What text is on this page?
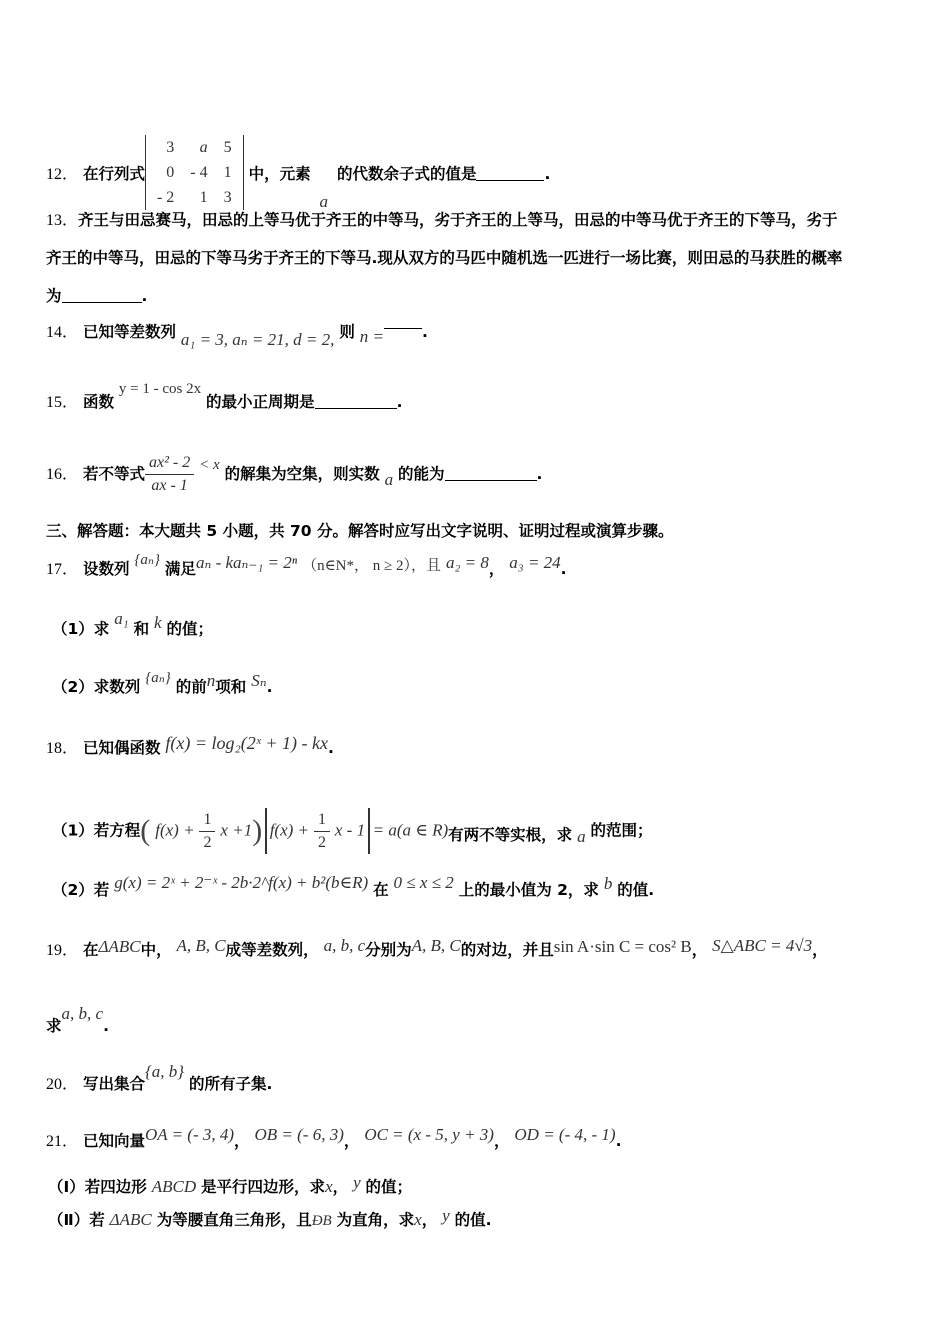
12． 在行列式
3	a	5
0	- 4	1
- 2	1	3
中，元素 a 的代数余子式的值是	.
13．齐王与田忌赛马，田忌的上等马优于齐王的中等马，劣于齐王的上等马，田忌的中等马优于齐王的下等马，劣于
齐王的中等马，田忌的下等马劣于齐王的下等马.现从双方的马匹中随机选一匹进行一场比赛，则田忌的马获胜的概率
为	.
14． 已知等差数列 a₁ = 3, aₙ = 21, d = 2, 则 n = .
15． 函数 y = 1 - cos 2x 的最小正周期是	.
16． 若不等式 $\frac{\text{ax² - 2}}{ax - 1} < x$ 的解集为空集，则实数 a 的能为	.
三、解答题：本大题共 5 小题，共 70 分。解答时应写出文字说明、证明过程或演算步骤。
17． 设数列 {aₙ} 满足aₙ - kaₙ₋₁ = 2ⁿ （n∈N*， n ≥ 2），且 a₂ = 8， a₃ = 24.
（1）求 a₁ 和 k 的值；
（2）求数列 {aₙ} 的前n项和 Sₙ.
18． 已知偶函数 f(x) = log₂(2ˣ + 1) - kx.
（1）若方程( $f(x) + \frac{1}{2}$ x +1) $f(x) + \frac{1}{2}$ x - 1 = a(a ∈ R)有两不等实根，求 a 的范围；
（2）若 g(x) = 2ˣ + 2⁻ˣ - 2b·2^f(x) + b²(b∈R) 在 0 ≤ x ≤ 2 上的最小值为 2，求 b 的值.
19． 在ΔABC中， A, B, C成等差数列， a, b, c分别为A, B, C的对边，并且sin A·sin C = cos² B， S△ABC = 4√3，
求a, b, c.
20． 写出集合{a, b} 的所有子集.
21． 已知向量OA = (- 3, 4)， OB = (- 6, 3)， OC = (x - 5, y + 3)， OD = (- 4, - 1).
（Ⅰ）若四边形 ABCD 是平行四边形，求x， y 的值；
（Ⅱ）若 ΔABC 为等腰直角三角形，且ÐB 为直角，求x， y 的值.
